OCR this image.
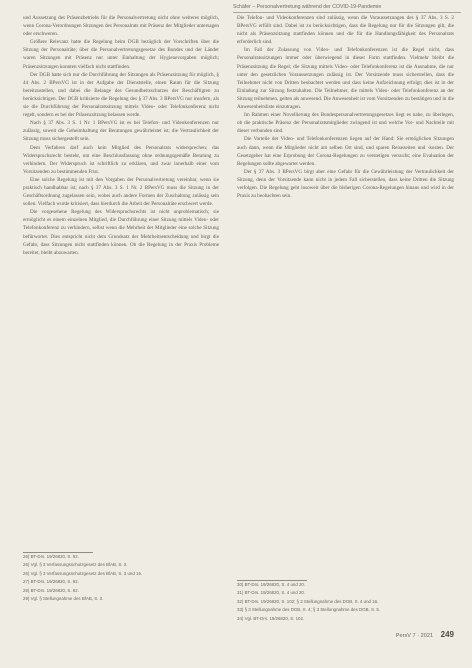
Schäfer – Personalvertretung während der COVID-19-Pandemie

und Aussetzung des Präsenzbetriebs für die Personalvertretung nicht ohne weiteres möglich, wenn Corona-Verordnungen Sitzungen des Personalrats mit Präsenz der Mitglieder untersagen oder erschweren.

Größere Relevanz hatte die Regelung beim DGB bezüglich der Vorschriften über die Sitzung der Personalräte; über die Personalvertretungsgesetze des Bundes und der Länder waren Sitzungen mit Präsenz nur unter Einhaltung der Hygienevorgaben möglich; Präsenzsitzungen konnten vielfach nicht stattfinden.

Der DGB hatte sich nur die Durchführung der Sitzungen als Präsenzsitzung für möglich, § 44 Abs. 2 BPersVG ist in der Aufgabe der Dienststelle, einen Raum für die Sitzung bereitzustellen, und dabei die Belange des Gesundheitsschutzes der Beschäftigten zu berücksichtigen. Der DGB kritisierte die Regelung des § 37 Abs. 3 BPersVG nur insofern, als sie die Durchführung der Personalratssitzung mittels Video- oder Telefonkonferenz nicht regelt, sondern es bei der Präsenzsitzung belassen werde.

Nach § 37 Abs. 3 S. 1 Nr. 1 BPersVG ist es bei Telefon- und Videokonferenzen nur zulässig, soweit die Geheimhaltung der Beratungen gewährleistet ist; die Vertraulichkeit der Sitzung muss sichergestellt sein.

Dem Verfahren darf auch kein Mitglied des Personalrats widersprechen; das Widerspruchsrecht besteht, um eine Beschlussfassung ohne ordnungsgemäße Beratung zu verhindern. Der Widerspruch ist schriftlich zu erklären, und zwar innerhalb einer vom Vorsitzenden zu bestimmenden Frist.

Eine solche Regelung ist mit den Vorgaben der Personalvertretung vereinbar, wenn sie praktisch handhabbar ist; nach § 37 Abs. 3 S. 1 Nr. 2 BPersVG muss die Sitzung in der Geschäftsordnung zugelassen sein, wobei auch andere Formen der Zuschaltung zulässig sein sollen. Vielfach wurde kritisiert, dass hierdurch die Arbeit der Personalräte erschwert werde.

Die vorgesehene Regelung des Widerspruchsrechts ist nicht unproblematisch; sie ermöglicht es einem einzelnen Mitglied, die Durchführung einer Sitzung mittels Video- oder Telefonkonferenz zu verhindern, selbst wenn die Mehrheit der Mitglieder eine solche Sitzung befürwortet. Dies entspricht nicht dem Grundsatz der Mehrheitsentscheidung und birgt die Gefahr, dass Sitzungen nicht stattfinden können. Ob die Regelung in der Praxis Probleme bereitet, bleibt abzuwarten.

Die Telefon- und Videokonferenzen sind zulässig, wenn die Voraussetzungen des § 37 Abs. 3 S. 2 BPersVG erfüllt sind. Dabei ist zu berücksichtigen, dass die Regelung nur für die Sitzungen gilt, die nicht als Präsenzsitzung stattfinden können und die für die Handlungsfähigkeit des Personalrats erforderlich sind.

Im Fall der Zulassung von Video- und Telefonkonferenzen ist die Regel nicht, dass Personalratssitzungen immer oder überwiegend in dieser Form stattfinden. Vielmehr bleibt die Präsenzsitzung die Regel; die Sitzung mittels Video- oder Telefonkonferenz ist die Ausnahme, die nur unter den gesetzlichen Voraussetzungen zulässig ist. Der Vorsitzende muss sicherstellen, dass die Teilnehmer nicht von Dritten beobachtet werden und dass keine Aufzeichnung erfolgt; dies ist in der Einladung zur Sitzung festzuhalten. Die Teilnehmer, die mittels Video- oder Telefonkonferenz an der Sitzung teilnehmen, gelten als anwesend. Die Anwesenheit ist vom Vorsitzenden zu bestätigen und in die Anwesenheitsliste einzutragen.

Im Rahmen einer Novellierung des Bundespersonalvertretungsgesetzes liegt es nahe, zu überlegen, ob die praktische Präsenz der Personalratsmitglieder zwingend ist und welche Vor- und Nachteile mit dieser verbunden sind.

Die Vorteile der Video- und Telefonkonferenzen liegen auf der Hand: Sie ermöglichen Sitzungen auch dann, wenn die Mitglieder nicht am selben Ort sind, und sparen Reisezeiten und -kosten. Der Gesetzgeber hat eine Erprobung der Corona-Regelungen zu verstetigen versucht; eine Evaluation der Regelungen sollte abgewartet werden.

Der § 37 Abs. 3 BPersVG birgt aber eine Gefahr für die Gewährleistung der Vertraulichkeit der Sitzung, denn der Vorsitzende kann nicht in jedem Fall sicherstellen, dass keine Dritten die Sitzung verfolgen. Die Regelung geht insoweit über die bisherigen Corona-Regelungen hinaus und wird in der Praxis zu beobachten sein.

26) BT-Drs. 19/26820, S. 92.
26) Vgl. § 3 Verfassungsschutzgesetz des BfAB, S. 3.
26) Vgl. § 3 Verfassungsschutzgesetz des BfAB, S. 3 und 16.
27) BT-Drs. 19/26820, S. 92.
28) BT-Drs. 19/26820, S. 92.
29) Vgl. § Stellungnahme des BfAB, S. 3.
30) BT-Drs. 19/26820, S. 4 und 20.
31) BT-Drs. 19/26820, S. 4 und 20.
32) BT-Drs. 19/26820, S. 102; § 3 Stellungnahme des DGB, S. 4 und 16.
33) § 3 Stellungnahme des DGB, S. 4; § 3 Stellungnahme des DGB, S. 5.
34) Vgl. BT-Drs. 19/26820, S. 102.
PersV 7 · 2021 249
